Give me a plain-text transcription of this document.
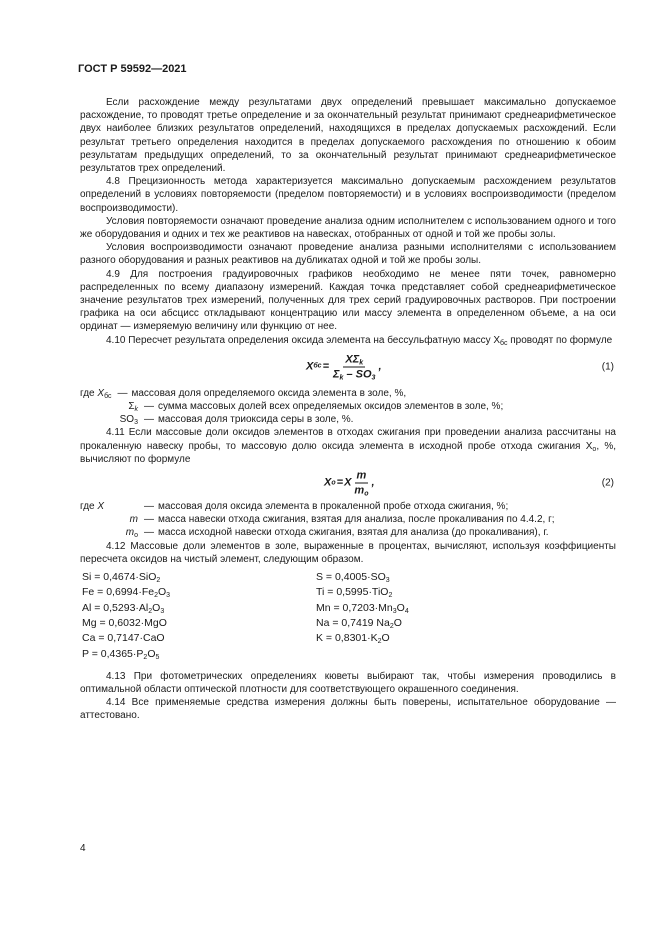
ГОСТ Р 59592—2021

Если расхождение между результатами двух определений превышает максимально допускаемое расхождение, то проводят третье определение и за окончательный результат принимают среднеарифметическое двух наиболее близких результатов определений, находящихся в пределах допускаемых расхождений. Если результат третьего определения находится в пределах допускаемого расхождения по отношению к обоим результатам предыдущих определений, то за окончательный результат принимают среднеарифметическое результатов трех определений.

4.8 Прецизионность метода характеризуется максимально допускаемым расхождением результатов определений в условиях повторяемости (пределом повторяемости) и в условиях воспроизводимости (пределом воспроизводимости).

Условия повторяемости означают проведение анализа одним исполнителем с использованием одного и того же оборудования и одних и тех же реактивов на навесках, отобранных от одной и той же пробы золы.

Условия воспроизводимости означают проведение анализа разными исполнителями с использованием разного оборудования и разных реактивов на дубликатах одной и той же пробы золы.

4.9 Для построения градуировочных графиков необходимо не менее пяти точек, равномерно распределенных по всему диапазону измерений. Каждая точка представляет собой среднеарифметическое значение результатов трех измерений, полученных для трех серий градуировочных растворов. При построении графика на оси абсцисс откладывают концентрацию или массу элемента в определенном объеме, а на оси ординат — измеряемую величину или функцию от нее.

4.10 Пересчет результата определения оксида элемента на бессульфатную массу $X_{бс}$ проводят по формуле

X бс = $\frac{X\Sigma_k}{\Sigma_k - SO_3}$ ,	(1)
где $X_{бс}$ — массовая доля определяемого оксида элемента в золе, %,
$\Sigma_k$ — сумма массовых долей всех определяемых оксидов элементов в золе, %;
$SO_3$ — массовая доля триоксида серы в золе, %.

4.11 Если массовые доли оксидов элементов в отходах сжигания при проведении анализа рассчитаны на прокаленную навеску пробы, то массовую долю оксида элемента в исходной пробе отхода сжигания $X_о$, %, вычисляют по формуле

X о = X $\frac{m}{m_о}$ ,	(2)
где X	— массовая доля оксида элемента в прокаленной пробе отхода сжигания, %;
m — масса навески отхода сжигания, взятая для анализа, после прокаливания по 4.4.2, г;
$m_о$ — масса исходной навески отхода сжигания, взятая для анализа (до прокаливания), г.

4.12 Массовые доли элементов в золе, выраженные в процентах, вычисляют, используя коэффициенты пересчета оксидов на чистый элемент, следующим образом.

Si = 0,4674·SiO$_2$	$S = 0,4005\cdot SO_3$
$Fe = 0,6994\cdot Fe_2O_3$	Ti = 0,5995·TiO$_2$
$Al = 0,5293\cdot Al_2O_3$	$Mn = 0,7203\cdot Mn_3O_4$
Mg = 0,6032·MgO	Na = 0,7419 $Na_2O$
Ca = 0,7147·CaO	$K = 0,8301\cdot K_2O$
$P = 0,4365\cdot P_2O_5$

4.13 При фотометрических определениях кюветы выбирают так, чтобы измерения проводились в оптимальной области оптической плотности для соответствующего окрашенного соединения.

4.14 Все применяемые средства измерения должны быть поверены, испытательное оборудование — аттестовано.

4
